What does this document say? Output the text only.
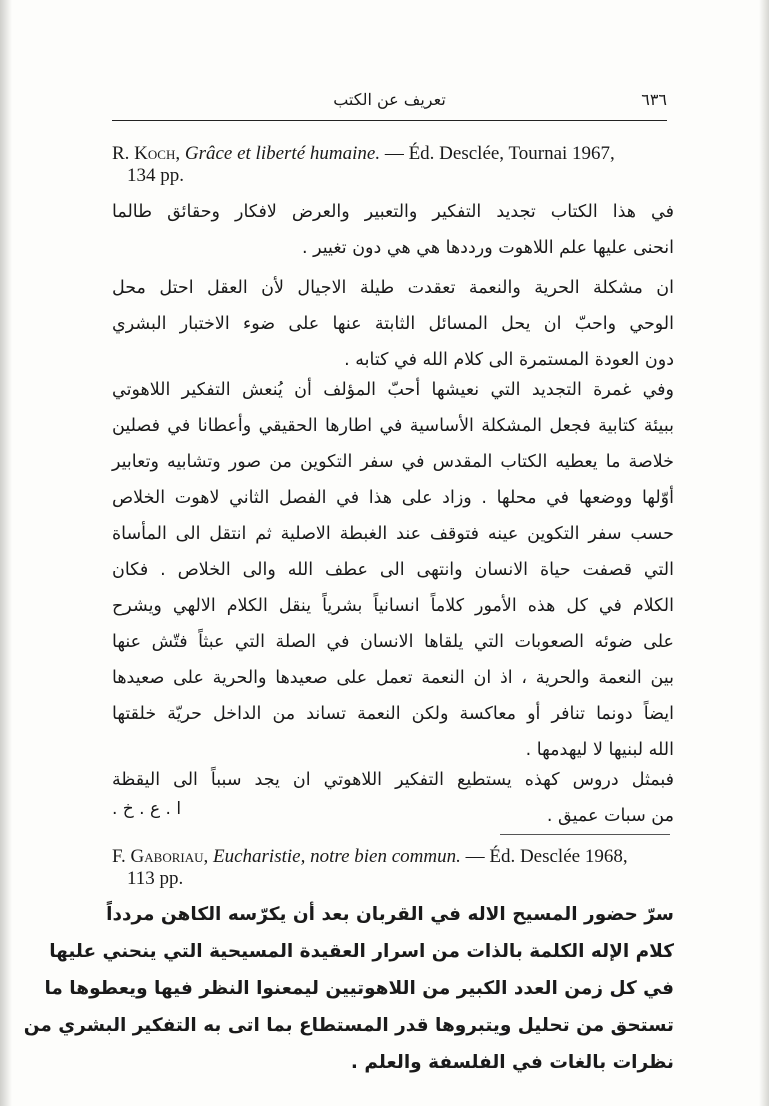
تعريف عن الكتب	٦٣٦
R. Koch, Grâce et liberté humaine. — Éd. Desclée, Tournai 1967,
134 pp.
في هذا الكتاب تجديد التفكير والتعبير والعرض لافكار وحقائق طالما
انحنى عليها علم اللاهوت ورددها هي هي دون تغيير .
ان مشكلة الحرية والنعمة تعقدت طيلة الاجيال لأن العقل احتل محل
الوحي واحبّ ان يحل المسائل الثابتة عنها على ضوء الاختبار البشري
دون العودة المستمرة الى كلام الله في كتابه .
وفي غمرة التجديد التي نعيشها أحبّ المؤلف أن يُنعش التفكير اللاهوتي
ببيئة كتابية فجعل المشكلة الأساسية في اطارها الحقيقي وأعطانا في فصلين
خلاصة ما يعطيه الكتاب المقدس في سفر التكوين من صور وتشابيه وتعابير
أوّلها ووضعها في محلها . وزاد على هذا في الفصل الثاني لاهوت الخلاص
حسب سفر التكوين عينه فتوقف عند الغبطة الاصلية ثم انتقل الى المأساة
التي قصفت حياة الانسان وانتهى الى عطف الله والى الخلاص . فكان
الكلام في كل هذه الأمور كلاماً انسانياً بشرياً ينقل الكلام الالهي ويشرح
على ضوئه الصعوبات التي يلقاها الانسان في الصلة التي عبثاً فتّش عنها
بين النعمة والحرية ، اذ ان النعمة تعمل على صعيدها والحرية على صعيدها
ايضاً دونما تنافر أو معاكسة ولكن النعمة تساند من الداخل حريّة خلقتها
الله لبنيها لا ليهدمها .
فبمثل دروس كهذه يستطيع التفكير اللاهوتي ان يجد سبباً الى اليقظة
من سبات عميق .
ا . ع . خ .
F. Gaboriau, Eucharistie, notre bien commun. — Éd. Desclée 1968,
113 pp.
سرّ حضور المسيح الاله في القربان بعد أن يكرّسه الكاهن مردداً
كلام الإله الكلمة بالذات من اسرار العقيدة المسيحية التي ينحني عليها
في كل زمن العدد الكبير من اللاهوتيين ليمعنوا النظر فيها ويعطوها ما
تستحق من تحليل ويتبروها قدر المستطاع بما اتى به التفكير البشري من
نظرات بالغات في الفلسفة والعلم .
